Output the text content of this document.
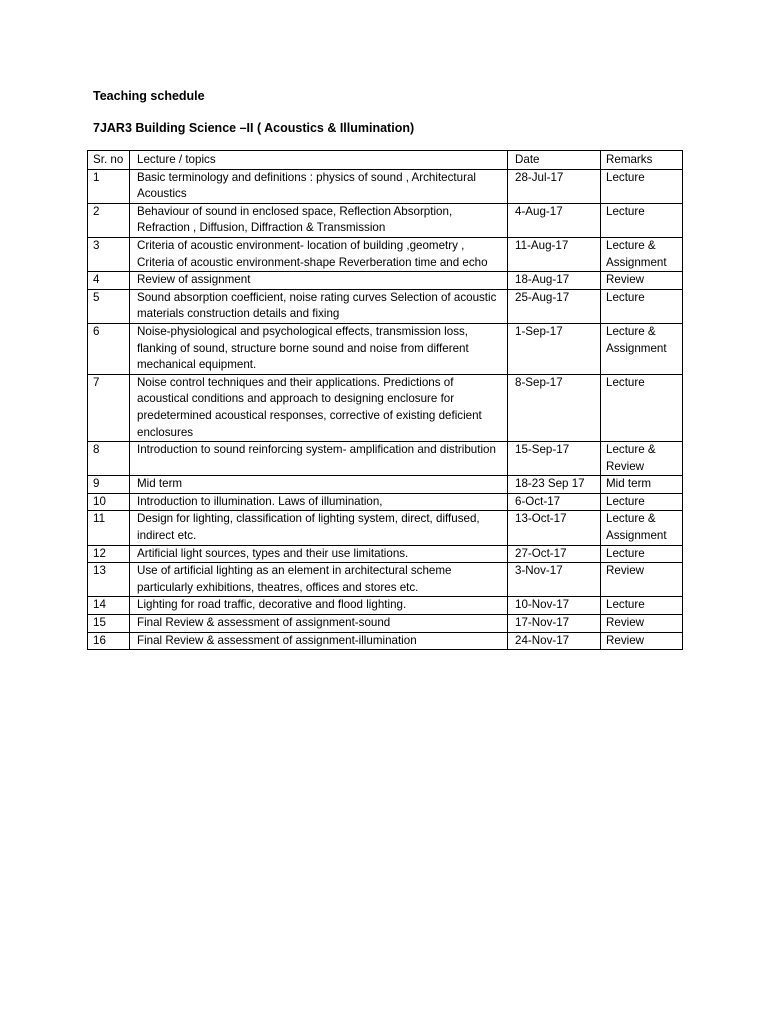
Teaching schedule
7JAR3 Building Science –II ( Acoustics & Illumination)
Sr. no	Lecture / topics	Date	Remarks
1	Basic terminology and definitions : physics of sound , Architectural Acoustics	28-Jul-17	Lecture
2	Behaviour of sound in enclosed space, Reflection Absorption, Refraction , Diffusion, Diffraction & Transmission	4-Aug-17	Lecture
3	Criteria of acoustic environment- location of building ,geometry , Criteria of acoustic environment-shape Reverberation time and echo	11-Aug-17	Lecture & Assignment
4	Review of assignment	18-Aug-17	Review
5	Sound absorption coefficient, noise rating curves Selection of acoustic materials construction details and fixing	25-Aug-17	Lecture
6	Noise-physiological and psychological effects, transmission loss, flanking of sound, structure borne sound and noise from different mechanical equipment.	1-Sep-17	Lecture & Assignment
7	Noise control techniques and their applications. Predictions of acoustical conditions and approach to designing enclosure for predetermined acoustical responses, corrective of existing deficient enclosures	8-Sep-17	Lecture
8	Introduction to sound reinforcing system- amplification and distribution	15-Sep-17	Lecture & Review
9	Mid term	18-23 Sep 17	Mid term
10	Introduction to illumination. Laws of illumination,	6-Oct-17	Lecture
11	Design for lighting, classification of lighting system, direct, diffused, indirect etc.	13-Oct-17	Lecture & Assignment
12	Artificial light sources, types and their use limitations.	27-Oct-17	Lecture
13	Use of artificial lighting as an element in architectural scheme particularly exhibitions, theatres, offices and stores etc.	3-Nov-17	Review
14	Lighting for road traffic, decorative and flood lighting.	10-Nov-17	Lecture
15	Final Review & assessment of assignment-sound	17-Nov-17	Review
16	Final Review & assessment of assignment-illumination	24-Nov-17	Review
